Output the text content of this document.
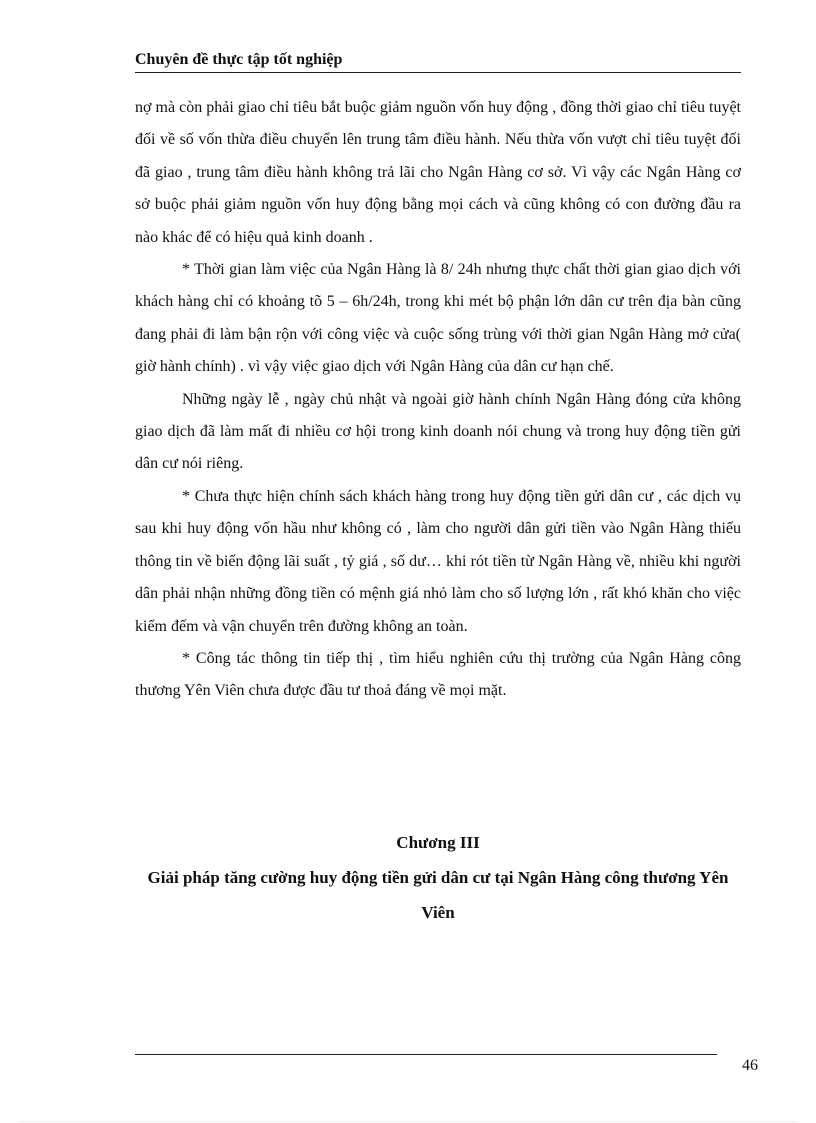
Chuyên đề thực tập tốt nghiệp

nợ mà còn phải giao chỉ tiêu bắt buộc giảm nguồn vốn huy động , đồng thời giao chỉ tiêu tuyệt đối về số vốn thừa điều chuyển lên trung tâm điều hành. Nếu thừa vốn vượt chỉ tiêu tuyệt đối đã giao , trung tâm điều hành không trả lãi cho Ngân Hàng cơ sở. Vì vậy các Ngân Hàng cơ sở buộc phải giảm nguồn vốn huy động bằng mọi cách và cũng không có con đường đầu ra nào khác để có hiệu quả kinh doanh .

* Thời gian làm việc của Ngân Hàng là 8/ 24h nhưng thực chất thời gian giao dịch với khách hàng chỉ có khoảng tõ 5 – 6h/24h, trong khi mét bộ phận lớn dân cư trên địa bàn cũng đang phải đi làm bận rộn với công việc và cuộc sống trùng với thời gian Ngân Hàng mở cửa( giờ hành chính) . vì vậy việc giao dịch với Ngân Hàng của dân cư hạn chế.

Những ngày lễ , ngày chủ nhật và ngoài giờ hành chính Ngân Hàng đóng cửa không giao dịch đã làm mất đi nhiều cơ hội trong kinh doanh nói chung và trong huy động tiền gửi dân cư nói riêng.

* Chưa thực hiện chính sách khách hàng trong huy động tiền gửi dân cư , các dịch vụ sau khi huy động vốn hầu như không có , làm cho người dân gửi tiền vào Ngân Hàng thiếu thông tin về biến động lãi suất , tỷ giá , số dư… khi rót tiền từ Ngân Hàng về, nhiều khi người dân phải nhận những đồng tiền có mệnh giá nhỏ làm cho số lượng lớn , rất khó khăn cho việc kiểm đếm và vận chuyển trên đường không an toàn.

* Công tác thông tin tiếp thị , tìm hiểu nghiên cứu thị trường của Ngân Hàng công thương Yên Viên chưa được đầu tư thoả đáng về mọi mặt.

Chương III
Giải pháp tăng cường huy động tiền gửi dân cư tại Ngân Hàng công thương Yên Viên
46
